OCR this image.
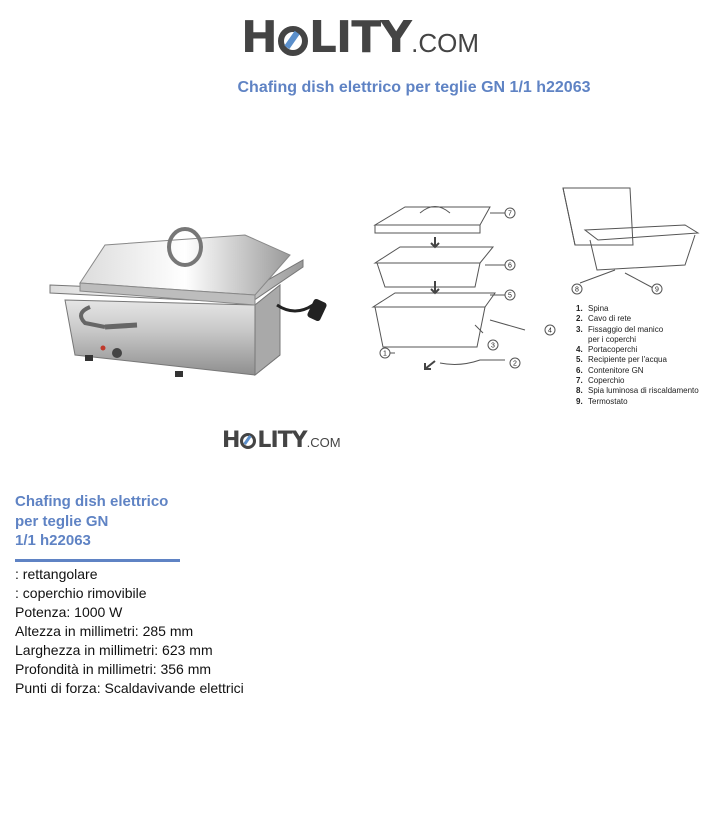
H LITY.COM
Chafing dish elettrico per teglie GN 1/1 h22063
H LITY.COM
7
6
5
4
3
2
1
8	9
1. Spina
2. Cavo di rete
3. Fissaggio del manico
per i coperchi
4. Portacoperchi
5. Recipiente per l'acqua
6. Contenitore GN
7. Coperchio
8. Spia luminosa di riscaldamento
9. Termostato
Chafing dish elettrico
per teglie GN
1/1 h22063
: rettangolare
: coperchio rimovibile
Potenza: 1000 W
Altezza in millimetri: 285 mm
Larghezza in millimetri: 623 mm
Profondità in millimetri: 356 mm
Punti di forza: Scaldavivande elettrici
